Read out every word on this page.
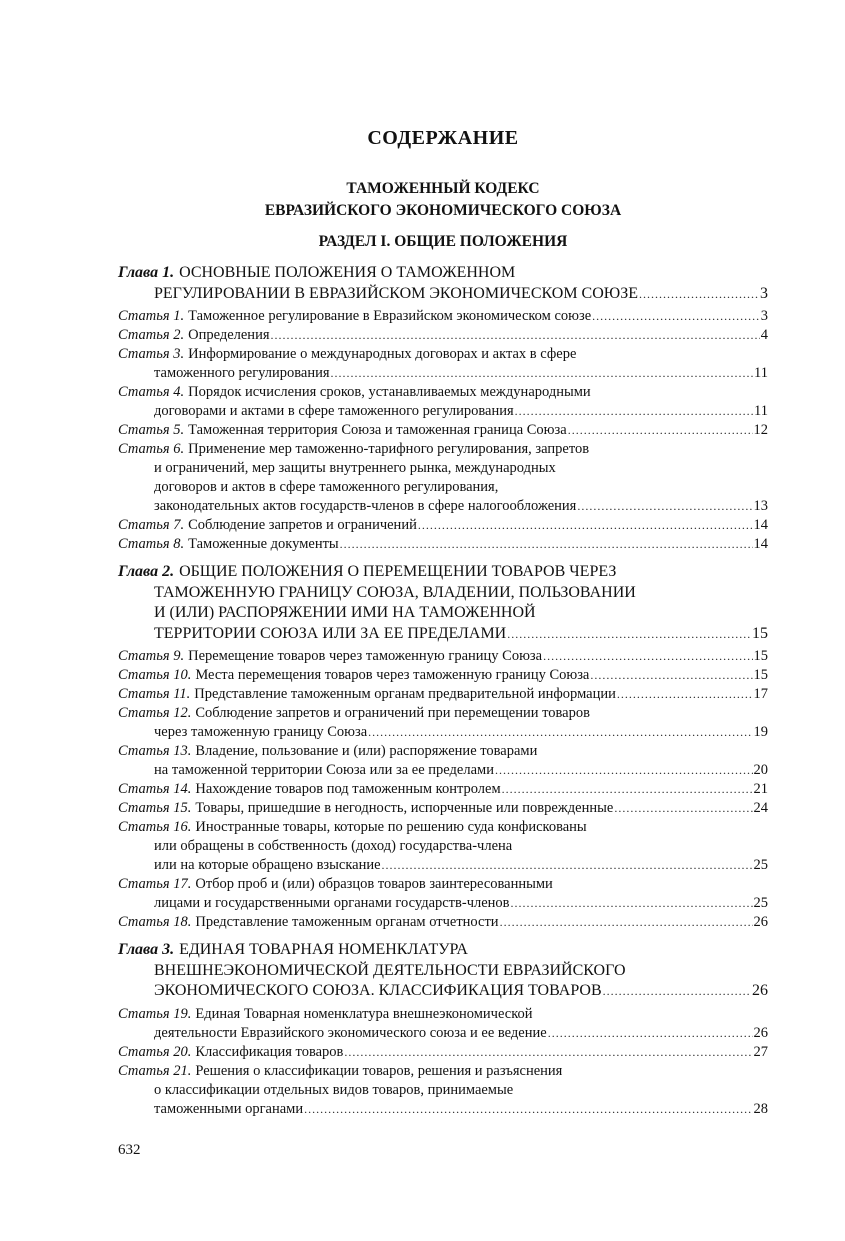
СОДЕРЖАНИЕ
ТАМОЖЕННЫЙ КОДЕКС
ЕВРАЗИЙСКОГО ЭКОНОМИЧЕСКОГО СОЮЗА
РАЗДЕЛ I. ОБЩИЕ ПОЛОЖЕНИЯ
Глава 1. ОСНОВНЫЕ ПОЛОЖЕНИЯ О ТАМОЖЕННОМ
РЕГУЛИРОВАНИИ В ЕВРАЗИЙСКОМ ЭКОНОМИЧЕСКОМ СОЮЗЕ .....	3
Статья 1. Таможенное регулирование в Евразийском экономическом союзе .....	3
Статья 2. Определения .....	4
Статья 3. Информирование о международных договорах и актах в сфере
таможенного регулирования .....	11
Статья 4. Порядок исчисления сроков, устанавливаемых международными
договорами и актами в сфере таможенного регулирования .....	11
Статья 5. Таможенная территория Союза и таможенная граница Союза .....	12
Статья 6. Применение мер таможенно-тарифного регулирования, запретов
и ограничений, мер защиты внутреннего рынка, международных
договоров и актов в сфере таможенного регулирования,
законодательных актов государств-членов в сфере налогообложения .....	13
Статья 7. Соблюдение запретов и ограничений .....	14
Статья 8. Таможенные документы .....	14
Глава 2. ОБЩИЕ ПОЛОЖЕНИЯ О ПЕРЕМЕЩЕНИИ ТОВАРОВ ЧЕРЕЗ
ТАМОЖЕННУЮ ГРАНИЦУ СОЮЗА, ВЛАДЕНИИ, ПОЛЬЗОВАНИИ
И (ИЛИ) РАСПОРЯЖЕНИИ ИМИ НА ТАМОЖЕННОЙ
ТЕРРИТОРИИ СОЮЗА ИЛИ ЗА ЕЕ ПРЕДЕЛАМИ .....	15
Статья 9. Перемещение товаров через таможенную границу Союза .....	15
Статья 10. Места перемещения товаров через таможенную границу Союза .....	15
Статья 11. Представление таможенным органам предварительной информации .....	17
Статья 12. Соблюдение запретов и ограничений при перемещении товаров
через таможенную границу Союза .....	19
Статья 13. Владение, пользование и (или) распоряжение товарами
на таможенной территории Союза или за ее пределами .....	20
Статья 14. Нахождение товаров под таможенным контролем .....	21
Статья 15. Товары, пришедшие в негодность, испорченные или поврежденные .....	24
Статья 16. Иностранные товары, которые по решению суда конфискованы
или обращены в собственность (доход) государства-члена
или на которые обращено взыскание .....	25
Статья 17. Отбор проб и (или) образцов товаров заинтересованными
лицами и государственными органами государств-членов .....	25
Статья 18. Представление таможенным органам отчетности .....	26
Глава 3. ЕДИНАЯ ТОВАРНАЯ НОМЕНКЛАТУРА
ВНЕШНЕЭКОНОМИЧЕСКОЙ ДЕЯТЕЛЬНОСТИ ЕВРАЗИЙСКОГО
ЭКОНОМИЧЕСКОГО СОЮЗА. КЛАССИФИКАЦИЯ ТОВАРОВ .....	26
Статья 19. Единая Товарная номенклатура внешнеэкономической
деятельности Евразийского экономического союза и ее ведение .....	26
Статья 20. Классификация товаров .....	27
Статья 21. Решения о классификации товаров, решения и разъяснения
о классификации отдельных видов товаров, принимаемые
таможенными органами .....	28
632
